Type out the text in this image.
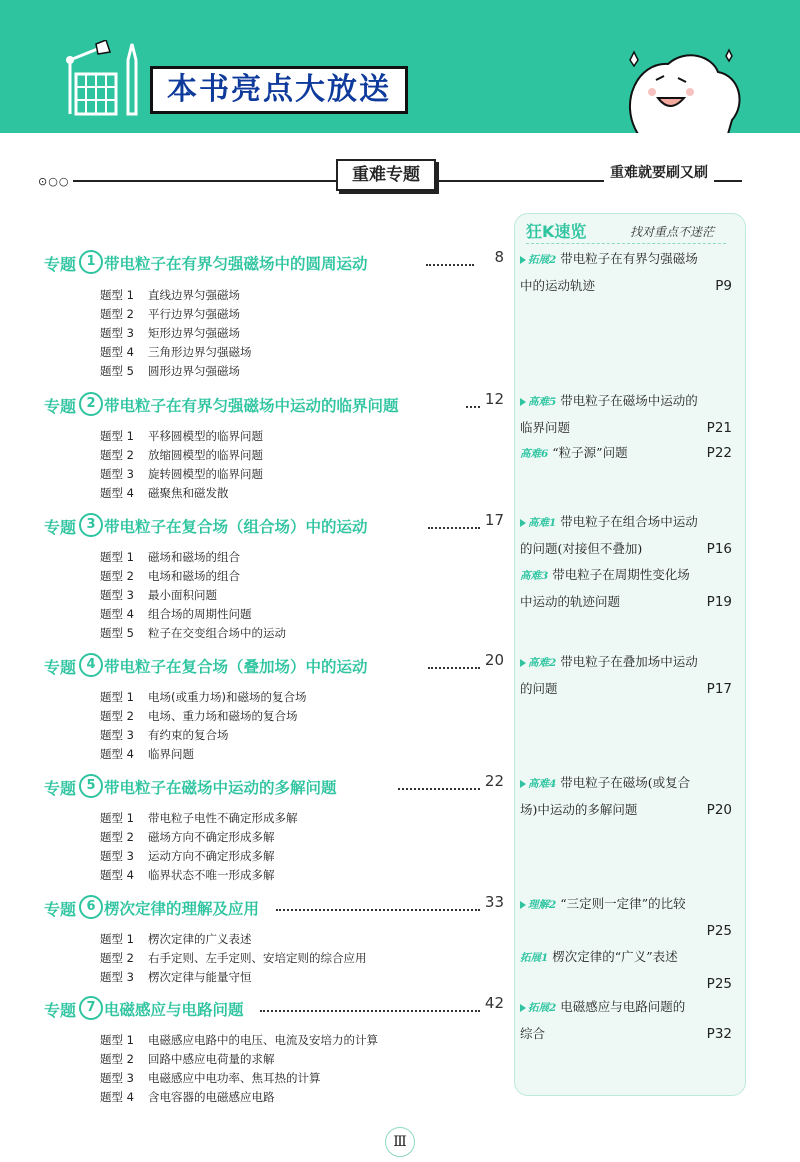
本书亮点大放送
⊙○○	重难专题	重难就要刷又刷
专题 1 带电粒子在有界匀强磁场中的圆周运动	8
题型 1 直线边界匀强磁场
题型 2 平行边界匀强磁场
题型 3 矩形边界匀强磁场
题型 4 三角形边界匀强磁场
题型 5 圆形边界匀强磁场
专题 2 带电粒子在有界匀强磁场中运动的临界问题	12
题型 1 平移圆模型的临界问题
题型 2 放缩圆模型的临界问题
题型 3 旋转圆模型的临界问题
题型 4 磁聚焦和磁发散
专题 3 带电粒子在复合场（组合场）中的运动	17
题型 1 磁场和磁场的组合
题型 2 电场和磁场的组合
题型 3 最小面积问题
题型 4 组合场的周期性问题
题型 5 粒子在交变组合场中的运动
专题 4 带电粒子在复合场（叠加场）中的运动	20
题型 1 电场(或重力场)和磁场的复合场
题型 2 电场、重力场和磁场的复合场
题型 3 有约束的复合场
题型 4 临界问题
专题 5 带电粒子在磁场中运动的多解问题	22
题型 1 带电粒子电性不确定形成多解
题型 2 磁场方向不确定形成多解
题型 3 运动方向不确定形成多解
题型 4 临界状态不唯一形成多解
专题 6 楞次定律的理解及应用	33
题型 1 楞次定律的广义表述
题型 2 右手定则、左手定则、安培定则的综合应用
题型 3 楞次定律与能量守恒
专题 7 电磁感应与电路问题	42
题型 1 电磁感应电路中的电压、电流及安培力的计算
题型 2 回路中感应电荷量的求解
题型 3 电磁感应中电功率、焦耳热的计算
题型 4 含电容器的电磁感应电路
狂K速览	找对重点不迷茫
拓展2 带电粒子在有界匀强磁场
中的运动轨迹	P9
高难5 带电粒子在磁场中运动的
临界问题	P21
高难6 “粒子源”问题	P22
高难1 带电粒子在组合场中运动
的问题(对接但不叠加)	P16
高难3 带电粒子在周期性变化场
中运动的轨迹问题	P19
高难2 带电粒子在叠加场中运动
的问题	P17
高难4 带电粒子在磁场(或复合
场)中运动的多解问题	P20
理解2 “三定则一定律”的比较
P25
拓展1 楞次定律的“广义”表述
P25
拓展2 电磁感应与电路问题的
综合	P32
Ⅲ
